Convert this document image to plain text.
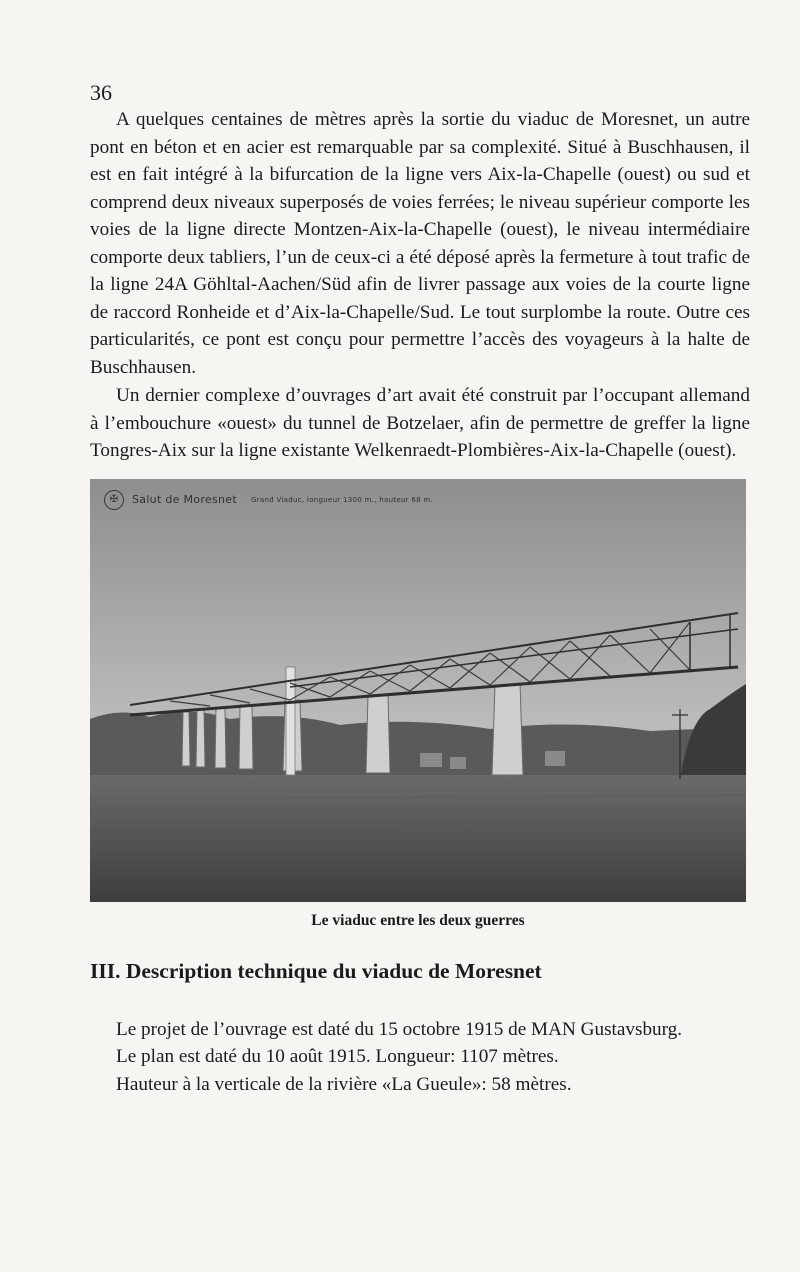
36

A quelques centaines de mètres après la sortie du viaduc de Moresnet, un autre pont en béton et en acier est remarquable par sa complexité. Situé à Buschhausen, il est en fait intégré à la bifurcation de la ligne vers Aix-la-Chapelle (ouest) ou sud et comprend deux niveaux superposés de voies ferrées; le niveau supérieur comporte les voies de la ligne directe Montzen-Aix-la-Chapelle (ouest), le niveau intermédiaire comporte deux tabliers, l’un de ceux-ci a été déposé après la fermeture à tout trafic de la ligne 24A Göhltal-Aachen/Süd afin de livrer passage aux voies de la courte ligne de raccord Ronheide et d’Aix-la-Chapelle/Sud. Le tout surplombe la route. Outre ces particularités, ce pont est conçu pour permettre l’accès des voyageurs à la halte de Buschhausen.

Un dernier complexe d’ouvrages d’art avait été construit par l’occupant allemand à l’embouchure «ouest» du tunnel de Botzelaer, afin de permettre de greffer la ligne Tongres-Aix sur la ligne existante Welkenraedt-Plombières-Aix-la-Chapelle (ouest).

✠	Salut de Moresnet Grand Viaduc, longueur 1300 m., hauteur 68 m.
Le viaduc entre les deux guerres
III. Description technique du viaduc de Moresnet

Le projet de l’ouvrage est daté du 15 octobre 1915 de MAN Gustavsburg.

Le plan est daté du 10 août 1915. Longueur: 1107 mètres.

Hauteur à la verticale de la rivière «La Gueule»: 58 mètres.
